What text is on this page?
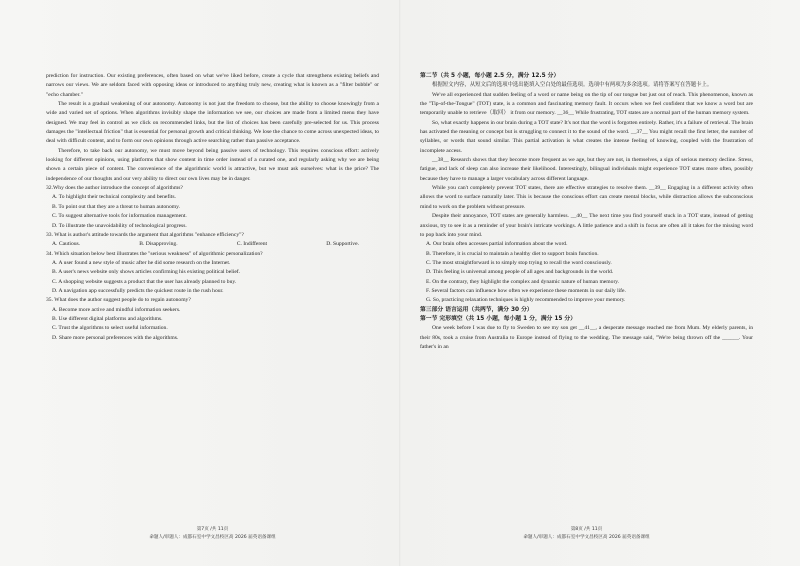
prediction for instruction. Our existing preferences, often based on what we've liked before, create a cycle that strengthens existing beliefs and narrows our views. We are seldom faced with opposing ideas or introduced to anything truly new, creating what is known as a "filter bubble" or "echo chamber."

The result is a gradual weakening of our autonomy. Autonomy is not just the freedom to choose, but the ability to choose knowingly from a wide and varied set of options. When algorithms invisibly shape the information we see, our choices are made from a limited menu they have designed. We may feel in control as we click on recommended links, but the list of choices has been carefully pre-selected for us. This process damages the "intellectual friction" that is essential for personal growth and critical thinking. We lose the chance to come across unexpected ideas, to deal with difficult content, and to form our own opinions through active searching rather than passive acceptance.

Therefore, to take back our autonomy, we must move beyond being passive users of technology. This requires conscious effort: actively looking for different opinions, using platforms that show content in time order instead of a curated one, and regularly asking why we are being shown a certain piece of content. The convenience of the algorithmic world is attractive, but we must ask ourselves: what is the price? The independence of our thoughts and our very ability to direct our own lives may be in danger.

32.Why does the author introduce the concept of algorithms?

A. To highlight their technical complexity and benefits.

B. To point out that they are a threat to human autonomy.

C. To suggest alternative tools for information management.

D. To illustrate the unavoidability of technological progress.

33. What is author's attitude towards the argument that algorithms "enhance efficiency"?

A. Cautious.	B. Disapproving.	C. Indifferent	D. Supportive.

34. Which situation below best illustrates the "serious weakness" of algorithmic personalization?

A. A user found a new style of music after he did some research on the Internet.

B. A user's news website only shows articles confirming his existing political belief.

C. A shopping website suggests a product that the user has already planned to buy.

D. A navigation app successfully predicts the quickest route in the rush hour.

35. What does the author suggest people do to regain autonomy?

A. Become more active and mindful information seekers.

B. Use different digital platforms and algorithms.

C. Trust the algorithms to select useful information.

D. Share more personal preferences with the algorithms.

第7页 /共 11页
命题人/审题人：成都石室中学文昌校区高 2026 届英语备课组

第二节（共 5 小题，每小题 2.5 分，满分 12.5 分）

根据短文内容，从短文后的选项中选出能填入空白处的最佳选项。选项中有两项为多余选项。请将答案写在答题卡上。

We've all experienced that sudden feeling of a word or name being on the tip of our tongue but just out of reach. This phenomenon, known as the "Tip-of-the-Tongue" (TOT) state, is a common and fascinating memory fault. It occurs when we feel confident that we know a word but are temporarily unable to retrieve（取回） it from our memory. __36__ While frustrating, TOT states are a normal part of the human memory system.

So, what exactly happens in our brain during a TOT state? It's not that the word is forgotten entirely. Rather, it's a failure of retrieval. The brain has activated the meaning or concept but is struggling to connect it to the sound of the word. __37__ You might recall the first letter, the number of syllables, or words that sound similar. This partial activation is what creates the intense feeling of knowing, coupled with the frustration of incomplete access.

__38__ Research shows that they become more frequent as we age, but they are not, in themselves, a sign of serious memory decline. Stress, fatigue, and lack of sleep can also increase their likelihood. Interestingly, bilingual individuals might experience TOT states more often, possibly because they have to manage a larger vocabulary across different language.

While you can't completely prevent TOT states, there are effective strategies to resolve them. __39__ Engaging in a different activity often allows the word to surface naturally later. This is because the conscious effort can create mental blocks, while distraction allows the subconscious mind to work on the problem without pressure.

Despite their annoyance, TOT states are generally harmless. __40__ The next time you find yourself stuck in a TOT state, instead of getting anxious, try to see it as a reminder of your brain's intricate workings. A little patience and a shift in focus are often all it takes for the missing word to pop back into your mind.

A. Our brain often accesses partial information about the word.

B. Therefore, it is crucial to maintain a healthy diet to support brain function.

C. The most straightforward is to simply stop trying to recall the word consciously.

D. This feeling is universal among people of all ages and backgrounds in the world.

E. On the contrary, they highlight the complex and dynamic nature of human memory.

F. Several factors can influence how often we experience these moments in our daily life.

G. So, practicing relaxation techniques is highly recommended to improve your memory.

第三部分 语言运用（共两节，满分 30 分）

第一节 完形填空（共 15 小题，每小题 1 分，满分 15 分）

One week before I was due to fly to Sweden to see my son get __41__, a desperate message reached me from Mum. My elderly parents, in their 80s, took a cruise from Australia to Europe instead of flying to the wedding. The message said, "We're being thrown off the ______. Your father's in an

第8页 /共 11页
命题人/审题人：成都石室中学文昌校区高 2026 届英语备课组
